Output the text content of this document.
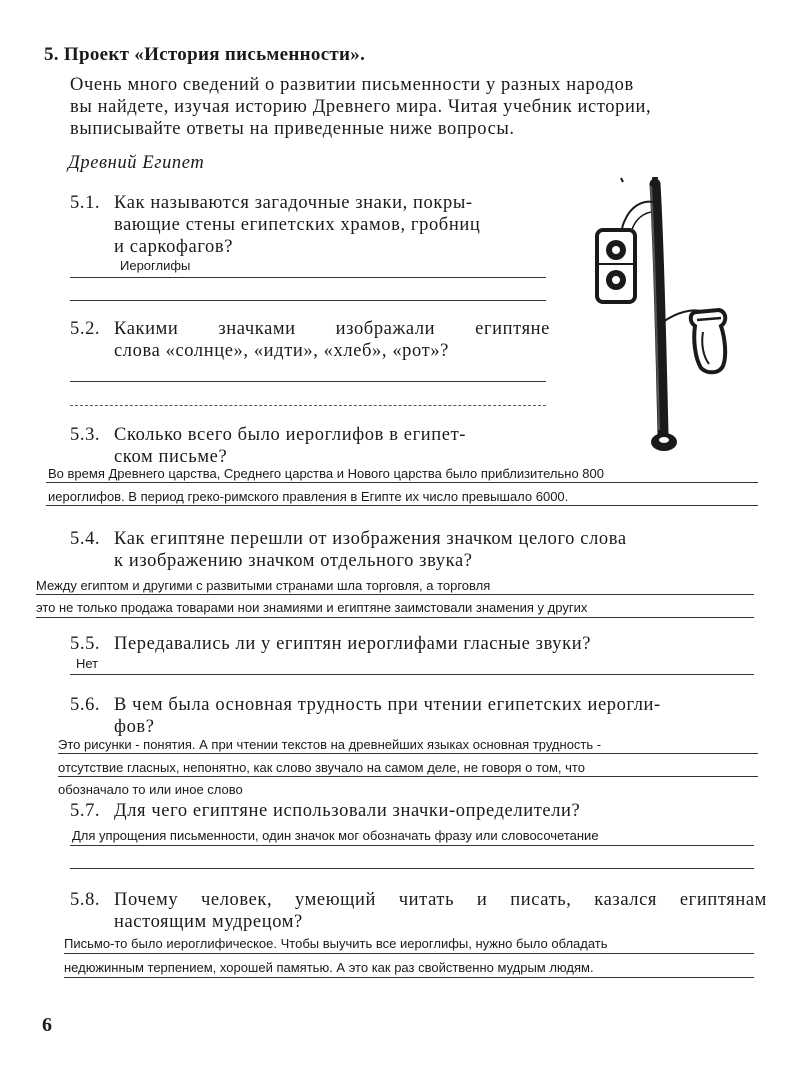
5. Проект «История письменности».
Очень много сведений о развитии письменности у разных народов
вы найдете, изучая историю Древнего мира. Читая учебник истории,
выписывайте ответы на приведенные ниже вопросы.
Древний Египет
5.1. Как называются загадочные знаки, покры-
вающие стены египетских храмов, гробниц
и саркофагов?
Иероглифы
5.2. Какими значками изображали египтяне
слова «солнце», «идти», «хлеб», «рот»?
5.3. Сколько всего было иероглифов в египет-
ском письме?
Во время Древнего царства, Среднего царства и Нового царства было приблизительно 800
иероглифов. В период греко-римского правления в Египте их число превышало 6000.
5.4. Как египтяне перешли от изображения значком целого слова
к изображению значком отдельного звука?
Между египтом и другими с развитыми странами шла торговля, а торговля
это не только продажа товарами нои знамиями и египтяне заимстовали знамения у других
5.5. Передавались ли у египтян иероглифами гласные звуки?
Нет
5.6. В чем была основная трудность при чтении египетских иерогли-
фов?
Это рисунки - понятия. А при чтении текстов на древнейших языках основная трудность -
отсутствие гласных, непонятно, как слово звучало на самом деле, не говоря о том, что
обозначало то или иное слово
5.7. Для чего египтяне использовали значки-определители?
Для упрощения письменности, один значок мог обозначать фразу или словосочетание
5.8. Почему человек, умеющий читать и писать, казался египтянам
настоящим мудрецом?
Письмо-то было иероглифическое. Чтобы выучить все иероглифы, нужно было обладать
недюжинным терпением, хорошей памятью. А это как раз свойственно мудрым людям.
6
